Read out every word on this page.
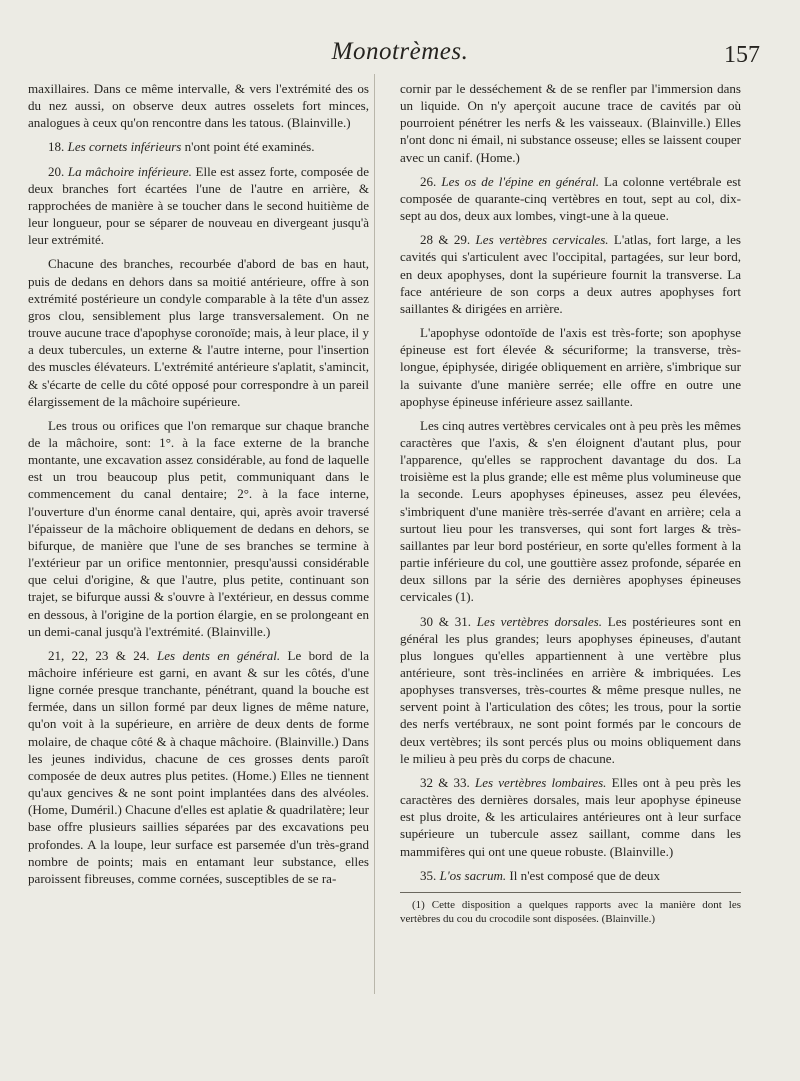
Monotrèmes.	157

maxillaires. Dans ce même intervalle, & vers l'extrémité des os du nez aussi, on observe deux autres osselets fort minces, analogues à ceux qu'on rencontre dans les tatous. (Blainville.)

18. Les cornets inférieurs n'ont point été examinés.

20. La mâchoire inférieure. Elle est assez forte, composée de deux branches fort écartées l'une de l'autre en arrière, & rapprochées de manière à se toucher dans le second huitième de leur longueur, pour se séparer de nouveau en divergeant jusqu'à leur extrémité.

Chacune des branches, recourbée d'abord de bas en haut, puis de dedans en dehors dans sa moitié antérieure, offre à son extrémité postérieure un condyle comparable à la tête d'un assez gros clou, sensiblement plus large transversalement. On ne trouve aucune trace d'apophyse coronoïde; mais, à leur place, il y a deux tubercules, un externe & l'autre interne, pour l'insertion des muscles élévateurs. L'extrémité antérieure s'aplatit, s'amincit, & s'écarte de celle du côté opposé pour correspondre à un pareil élargissement de la mâchoire supérieure.

Les trous ou orifices que l'on remarque sur chaque branche de la mâchoire, sont: 1°. à la face externe de la branche montante, une excavation assez considérable, au fond de laquelle est un trou beaucoup plus petit, communiquant dans le commencement du canal dentaire; 2°. à la face interne, l'ouverture d'un énorme canal dentaire, qui, après avoir traversé l'épaisseur de la mâchoire obliquement de dedans en dehors, se bifurque, de manière que l'une de ses branches se termine à l'extérieur par un orifice mentonnier, presqu'aussi considérable que celui d'origine, & que l'autre, plus petite, continuant son trajet, se bifurque aussi & s'ouvre à l'extérieur, en dessus comme en dessous, à l'origine de la portion élargie, en se prolongeant en un demi-canal jusqu'à l'extrémité. (Blainville.)

21, 22, 23 & 24. Les dents en général. Le bord de la mâchoire inférieure est garni, en avant & sur les côtés, d'une ligne cornée presque tranchante, pénétrant, quand la bouche est fermée, dans un sillon formé par deux lignes de même nature, qu'on voit à la supérieure, en arrière de deux dents de forme molaire, de chaque côté & à chaque mâchoire. (Blainville.) Dans les jeunes individus, chacune de ces grosses dents paroît composée de deux autres plus petites. (Home.) Elles ne tiennent qu'aux gencives & ne sont point implantées dans des alvéoles. (Home, Duméril.) Chacune d'elles est aplatie & quadrilatère; leur base offre plusieurs saillies séparées par des excavations peu profondes. A la loupe, leur surface est parsemée d'un très-grand nombre de points; mais en entamant leur substance, elles paroissent fibreuses, comme cornées, susceptibles de se ra-

cornir par le desséchement & de se renfler par l'immersion dans un liquide. On n'y aperçoit aucune trace de cavités par où pourroient pénétrer les nerfs & les vaisseaux. (Blainville.) Elles n'ont donc ni émail, ni substance osseuse; elles se laissent couper avec un canif. (Home.)

26. Les os de l'épine en général. La colonne vertébrale est composée de quarante-cinq vertèbres en tout, sept au col, dix-sept au dos, deux aux lombes, vingt-une à la queue.

28 & 29. Les vertèbres cervicales. L'atlas, fort large, a les cavités qui s'articulent avec l'occipital, partagées, sur leur bord, en deux apophyses, dont la supérieure fournit la transverse. La face antérieure de son corps a deux autres apophyses fort saillantes & dirigées en arrière.

L'apophyse odontoïde de l'axis est très-forte; son apophyse épineuse est fort élevée & sécuriforme; la transverse, très-longue, épiphysée, dirigée obliquement en arrière, s'imbrique sur la suivante d'une manière serrée; elle offre en outre une apophyse épineuse inférieure assez saillante.

Les cinq autres vertèbres cervicales ont à peu près les mêmes caractères que l'axis, & s'en éloignent d'autant plus, pour l'apparence, qu'elles se rapprochent davantage du dos. La troisième est la plus grande; elle est même plus volumineuse que la seconde. Leurs apophyses épineuses, assez peu élevées, s'imbriquent d'une manière très-serrée d'avant en arrière; cela a surtout lieu pour les transverses, qui sont fort larges & très-saillantes par leur bord postérieur, en sorte qu'elles forment à la partie inférieure du col, une gouttière assez profonde, séparée en deux sillons par la série des dernières apophyses épineuses cervicales (1).

30 & 31. Les vertèbres dorsales. Les postérieures sont en général les plus grandes; leurs apophyses épineuses, d'autant plus longues qu'elles appartiennent à une vertèbre plus antérieure, sont très-inclinées en arrière & imbriquées. Les apophyses transverses, très-courtes & même presque nulles, ne servent point à l'articulation des côtes; les trous, pour la sortie des nerfs vertébraux, ne sont point formés par le concours de deux vertèbres; ils sont percés plus ou moins obliquement dans le milieu à peu près du corps de chacune.

32 & 33. Les vertèbres lombaires. Elles ont à peu près les caractères des dernières dorsales, mais leur apophyse épineuse est plus droite, & les articulaires antérieures ont à leur surface supérieure un tubercule assez saillant, comme dans les mammifères qui ont une queue robuste. (Blainville.)

35. L'os sacrum. Il n'est composé que de deux

(1) Cette disposition a quelques rapports avec la manière dont les vertèbres du cou du crocodile sont disposées. (Blainville.)
